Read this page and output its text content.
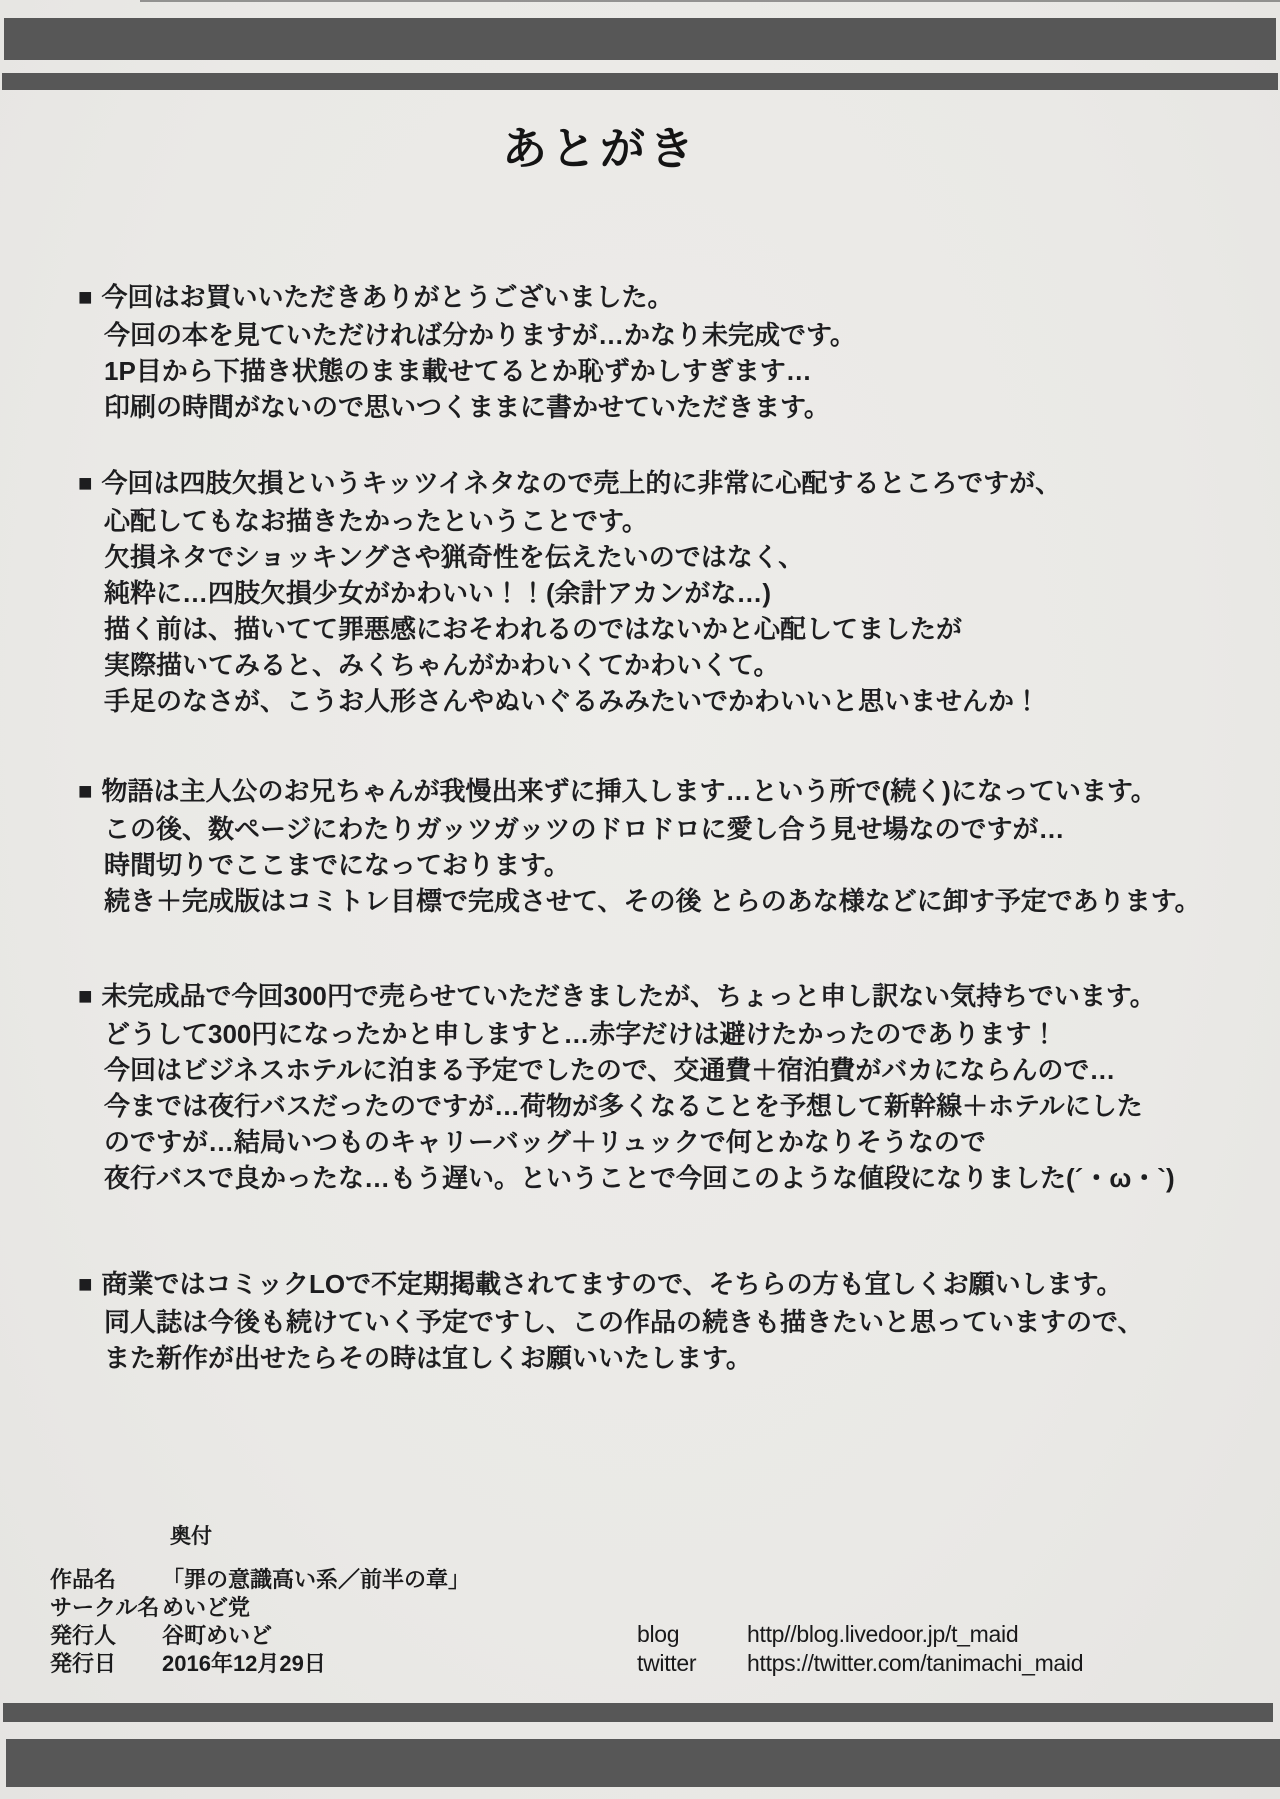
あとがき
■ 今回はお買いいただきありがとうございました。
今回の本を見ていただければ分かりますが…かなり未完成です。
1P目から下描き状態のまま載せてるとか恥ずかしすぎます…
印刷の時間がないので思いつくままに書かせていただきます。
■ 今回は四肢欠損というキッツイネタなので売上的に非常に心配するところですが、
心配してもなお描きたかったということです。
欠損ネタでショッキングさや猟奇性を伝えたいのではなく、
純粋に…四肢欠損少女がかわいい！！(余計アカンがな…)
描く前は、描いてて罪悪感におそわれるのではないかと心配してましたが
実際描いてみると、みくちゃんがかわいくてかわいくて。
手足のなさが、こうお人形さんやぬいぐるみみたいでかわいいと思いませんか！
■ 物語は主人公のお兄ちゃんが我慢出来ずに挿入します…という所で(続く)になっています。
この後、数ページにわたりガッツガッツのドロドロに愛し合う見せ場なのですが…
時間切りでここまでになっております。
続き＋完成版はコミトレ目標で完成させて、その後 とらのあな様などに卸す予定であります。
■ 未完成品で今回300円で売らせていただきましたが、ちょっと申し訳ない気持ちでいます。
どうして300円になったかと申しますと…赤字だけは避けたかったのであります！
今回はビジネスホテルに泊まる予定でしたので、交通費＋宿泊費がバカにならんので…
今までは夜行バスだったのですが…荷物が多くなることを予想して新幹線＋ホテルにした
のですが…結局いつものキャリーバッグ＋リュックで何とかなりそうなので
夜行バスで良かったな…もう遅い。ということで今回このような値段になりました(´・ω・`)
■ 商業ではコミックLOで不定期掲載されてますので、そちらの方も宜しくお願いします。
同人誌は今後も続けていく予定ですし、この作品の続きも描きたいと思っていますので、
また新作が出せたらその時は宜しくお願いいたします。
奥付
作品名	「罪の意識高い系／前半の章」
サークル名 めいど党
発行人	谷町めいど
発行日	2016年12月29日
blog	http//blog.livedoor.jp/t_maid
twitter	https://twitter.com/tanimachi_maid
